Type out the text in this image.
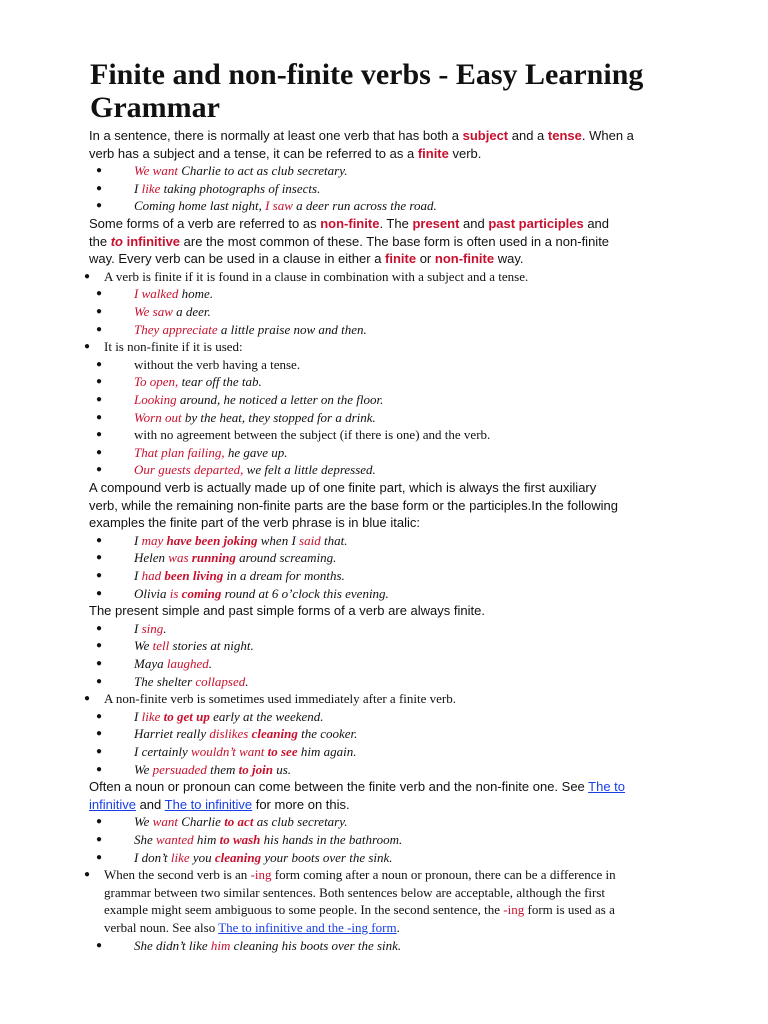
Finite and non-finite verbs - Easy Learning Grammar
In a sentence, there is normally at least one verb that has both a subject and a tense. When a
verb has a subject and a tense, it can be referred to as a finite verb.
● We want Charlie to act as club secretary.
● I like taking photographs of insects.
● Coming home last night, I saw a deer run across the road.
Some forms of a verb are referred to as non-finite. The present and past participles and
the to infinitive are the most common of these. The base form is often used in a non-finite
way. Every verb can be used in a clause in either a finite or non-finite way.
● A verb is finite if it is found in a clause in combination with a subject and a tense.
● I walked home.
● We saw a deer.
● They appreciate a little praise now and then.
● It is non-finite if it is used:
● without the verb having a tense.
● To open, tear off the tab.
● Looking around, he noticed a letter on the floor.
● Worn out by the heat, they stopped for a drink.
● with no agreement between the subject (if there is one) and the verb.
● That plan failing, he gave up.
● Our guests departed, we felt a little depressed.
A compound verb is actually made up of one finite part, which is always the first auxiliary
verb, while the remaining non-finite parts are the base form or the participles.In the following
examples the finite part of the verb phrase is in blue italic:
● I may have been joking when I said that.
● Helen was running around screaming.
● I had been living in a dream for months.
● Olivia is coming round at 6 o’clock this evening.
The present simple and past simple forms of a verb are always finite.
● I sing.
● We tell stories at night.
● Maya laughed.
● The shelter collapsed.
● A non-finite verb is sometimes used immediately after a finite verb.
● I like to get up early at the weekend.
● Harriet really dislikes cleaning the cooker.
● I certainly wouldn’t want to see him again.
● We persuaded them to join us.
Often a noun or pronoun can come between the finite verb and the non-finite one. See The to
infinitive and The to infinitive for more on this.
● We want Charlie to act as club secretary.
● She wanted him to wash his hands in the bathroom.
● I don’t like you cleaning your boots over the sink.
● When the second verb is an -ing form coming after a noun or pronoun, there can be a difference in
grammar between two similar sentences. Both sentences below are acceptable, although the first
example might seem ambiguous to some people. In the second sentence, the -ing form is used as a
verbal noun. See also The to infinitive and the -ing form.
● She didn’t like him cleaning his boots over the sink.
